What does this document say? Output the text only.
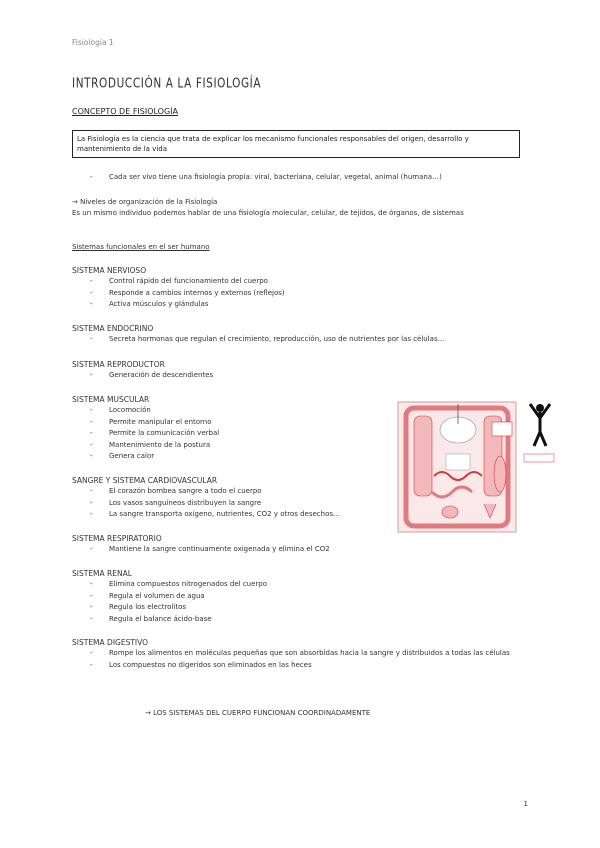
Fisiología 1
INTRODUCCIÓN A LA FISIOLOGÍA
CONCEPTO DE FISIOLOGÍA
La Fisiología es la ciencia que trata de explicar los mecanismo funcionales responsables del origen, desarrollo y mantenimiento de la vida
- Cada ser vivo tiene una fisiología propia: viral, bacteriana, celular, vegetal, animal (humana…)
→ Niveles de organización de la Fisiología
Es un mismo individuo podemos hablar de una fisiología molecular, celular, de tejidos, de órganos, de sistemas
Sistemas funcionales en el ser humano
SISTEMA NERVIOSO
- Control rápido del funcionamiento del cuerpo
- Responde a cambios internos y externos (reflejos)
- Activa músculos y glándulas
SISTEMA ENDOCRINO
- Secreta hormonas que regulan el crecimiento, reproducción, uso de nutrientes por las células…
SISTEMA REPRODUCTOR
- Generación de descendientes
SISTEMA MUSCULAR
- Locomoción
- Permite manipular el entorno
- Permite la comunicación verbal
- Mantenimiento de la postura
- Genera calor
SANGRE Y SISTEMA CARDIOVASCULAR
- El corazón bombea sangre a todo el cuerpo
- Los vasos sanguíneos distribuyen la sangre
- La sangre transporta oxígeno, nutrientes, CO2 y otros desechos…
SISTEMA RESPIRATORIO
- Mantiene la sangre continuamente oxigenada y elimina el CO2
SISTEMA RENAL
- Elimina compuestos nitrogenados del cuerpo
- Regula el volumen de agua
- Regula los electrolitos
- Regula el balance ácido-base
SISTEMA DIGESTIVO
- Rompe los alimentos en moléculas pequeñas que son absorbidas hacia la sangre y distribuidos a todas las células
- Los compuestos no digeridos son eliminados en las heces
→ LOS SISTEMAS DEL CUERPO FUNCIONAN COORDINADAMENTE
1
